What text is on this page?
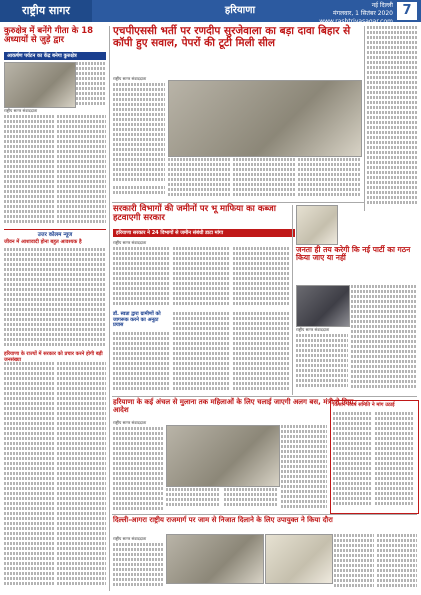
राष्ट्रीय सागर	हरियाणा	नई दिल्ली
मंगलवार, 1 सितंबर 2020
www.rashtriyasagar.com
7
कुरुक्षेत्र में बनेंगे गीता के 18 अध्यायों से जुड़े द्वार
आकर्षण पर्यटन का केंद्र बनेगा कुरुक्षेत्र
राष्ट्रीय सागर संवाददाता
उत्तर कोलम न्यूज
जीवन में आशावादी होना बहुत आवश्यक है
हरियाणा के राज्यों में सरकार को प्रचार करने होगी बड़ी जनसंख्या
एचपीएससी भर्ती पर रणदीप सुरजेवाला का बड़ा दावा बिहार से कॉपी हुए सवाल, पेपरों की टूटी मिली सील
राष्ट्रीय सागर संवाददाता
सरकारी विभागों की जमीनों पर भू माफिया का कब्जा हटवाएगी सरकार
हरियाणा सरकार ने 24 विभागों से जमीन संबंधी डाटा मांगा
राष्ट्रीय सागर संवाददाता
डॉ. स्वप्ना द्वारा ग्रामीणों को जागरूक करने का अनूठा प्रयास
जनता ही तय करेगी कि नई पार्टी का गठन किया जाए या नहीं
राष्ट्रीय सागर संवाददाता
हरियाणा के कई अंचल से मुलाना तक महिलाओं के लिए चलाई जाएगी अलग बस, मंत्री ने दिया आदेश
राष्ट्रीय सागर संवाददाता
किसान संघर्ष समिति ने मांग उठाई
दिल्ली-आगरा राष्ट्रीय राजमार्ग पर जाम से निजात दिलाने के लिए उपायुक्त ने किया दौरा
राष्ट्रीय सागर संवाददाता
